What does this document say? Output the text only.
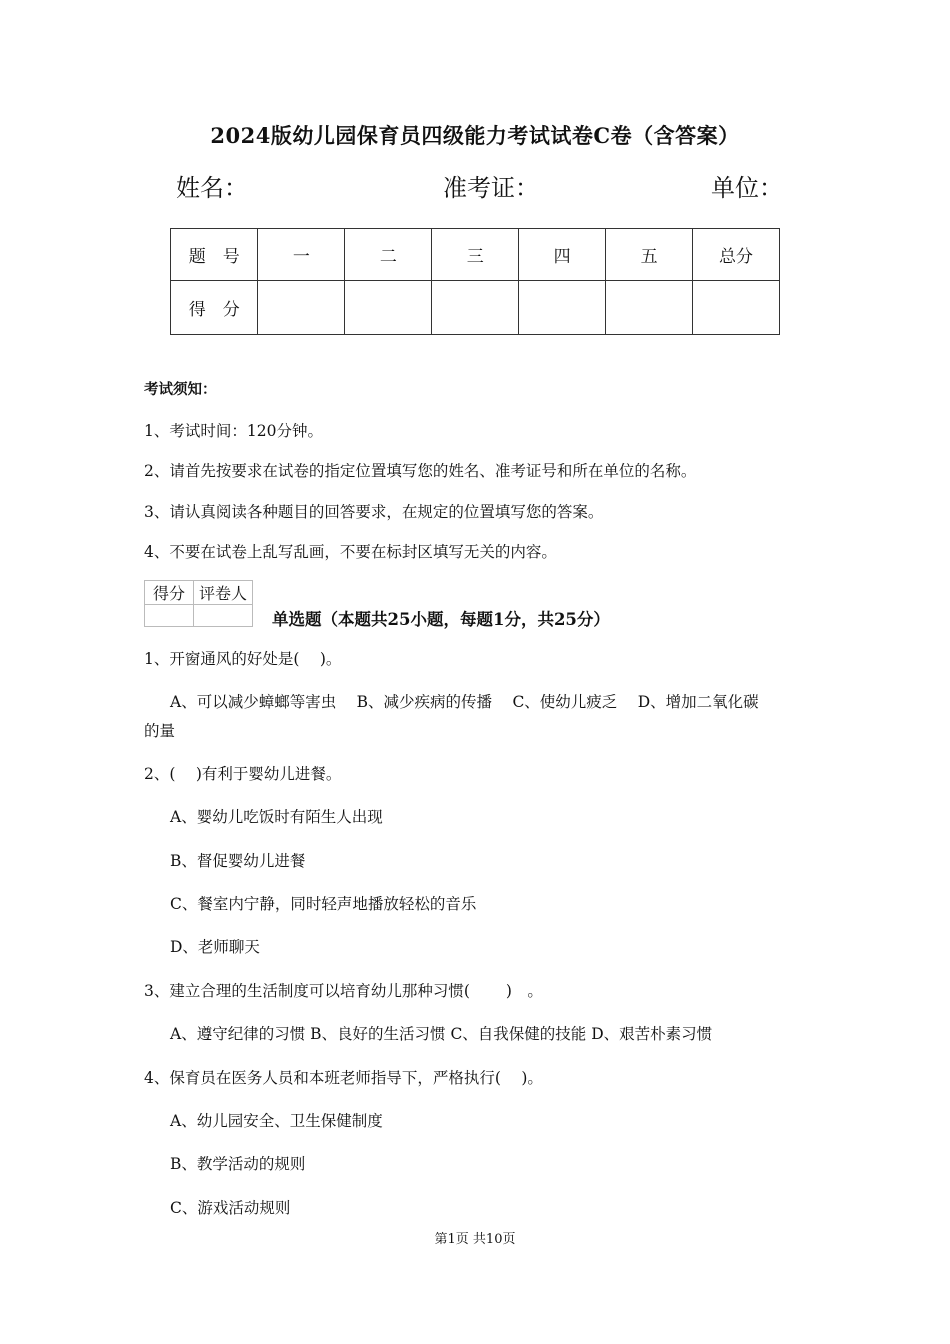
2024版幼儿园保育员四级能力考试试卷C卷（含答案）
姓名：	准考证：	单位：
题　号	一	二	三	四	五	总分
得　分						
考试须知：
1、考试时间：120分钟。
2、请首先按要求在试卷的指定位置填写您的姓名、准考证号和所在单位的名称。
3、请认真阅读各种题目的回答要求，在规定的位置填写您的答案。
4、不要在试卷上乱写乱画，不要在标封区填写无关的内容。
得分	评卷人

单选题（本题共25小题，每题1分，共25分）
1、开窗通风的好处是(　 )。
A、可以减少蟑螂等害虫　 B、减少疾病的传播　 C、使幼儿疲乏　 D、增加二氧化碳
的量
2、(　 )有利于婴幼儿进餐。
A、婴幼儿吃饭时有陌生人出现
B、督促婴幼儿进餐
C、餐室内宁静，同时轻声地播放轻松的音乐
D、老师聊天
3、建立合理的生活制度可以培育幼儿那种习惯(　　 )　。
A、遵守纪律的习惯 B、良好的生活习惯 C、自我保健的技能 D、艰苦朴素习惯
4、保育员在医务人员和本班老师指导下，严格执行(　 )。
A、幼儿园安全、卫生保健制度
B、教学活动的规则
C、游戏活动规则
第1页 共10页
